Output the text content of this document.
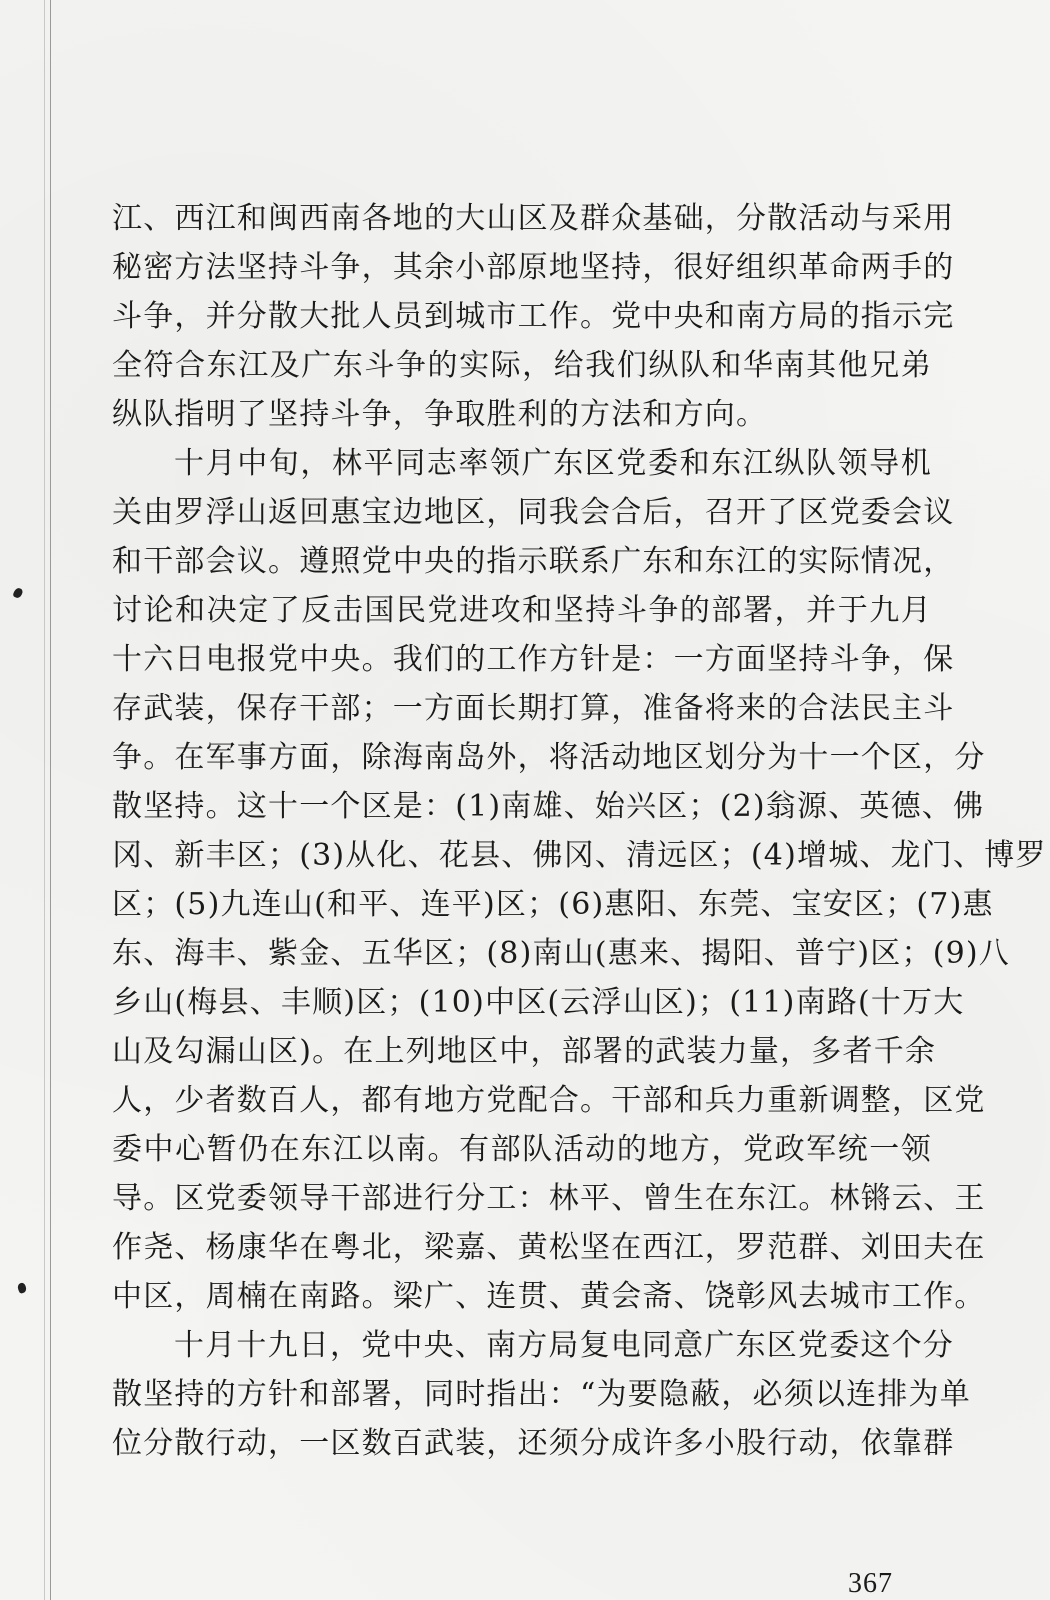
江、西江和闽西南各地的大山区及群众基础，分散活动与采用
秘密方法坚持斗争，其余小部原地坚持，很好组织革命两手的
斗争，并分散大批人员到城市工作。党中央和南方局的指示完
全符合东江及广东斗争的实际，给我们纵队和华南其他兄弟
纵队指明了坚持斗争，争取胜利的方法和方向。
十月中旬，林平同志率领广东区党委和东江纵队领导机
关由罗浮山返回惠宝边地区，同我会合后，召开了区党委会议
和干部会议。遵照党中央的指示联系广东和东江的实际情况，
讨论和决定了反击国民党进攻和坚持斗争的部署，并于九月
十六日电报党中央。我们的工作方针是：一方面坚持斗争，保
存武装，保存干部；一方面长期打算，准备将来的合法民主斗
争。在军事方面，除海南岛外，将活动地区划分为十一个区，分
散坚持。这十一个区是：(1)南雄、始兴区；(2)翁源、英德、佛
冈、新丰区；(3)从化、花县、佛冈、清远区；(4)增城、龙门、博罗
区；(5)九连山(和平、连平)区；(6)惠阳、东莞、宝安区；(7)惠
东、海丰、紫金、五华区；(8)南山(惠来、揭阳、普宁)区；(9)八
乡山(梅县、丰顺)区；(10)中区(云浮山区)；(11)南路(十万大
山及勾漏山区)。在上列地区中，部署的武装力量，多者千余
人，少者数百人，都有地方党配合。干部和兵力重新调整，区党
委中心暂仍在东江以南。有部队活动的地方，党政军统一领
导。区党委领导干部进行分工：林平、曾生在东江。林锵云、王
作尧、杨康华在粤北，梁嘉、黄松坚在西江，罗范群、刘田夫在
中区，周楠在南路。梁广、连贯、黄会斋、饶彰风去城市工作。
十月十九日，党中央、南方局复电同意广东区党委这个分
散坚持的方针和部署，同时指出：“为要隐蔽，必须以连排为单
位分散行动，一区数百武装，还须分成许多小股行动，依靠群
367
